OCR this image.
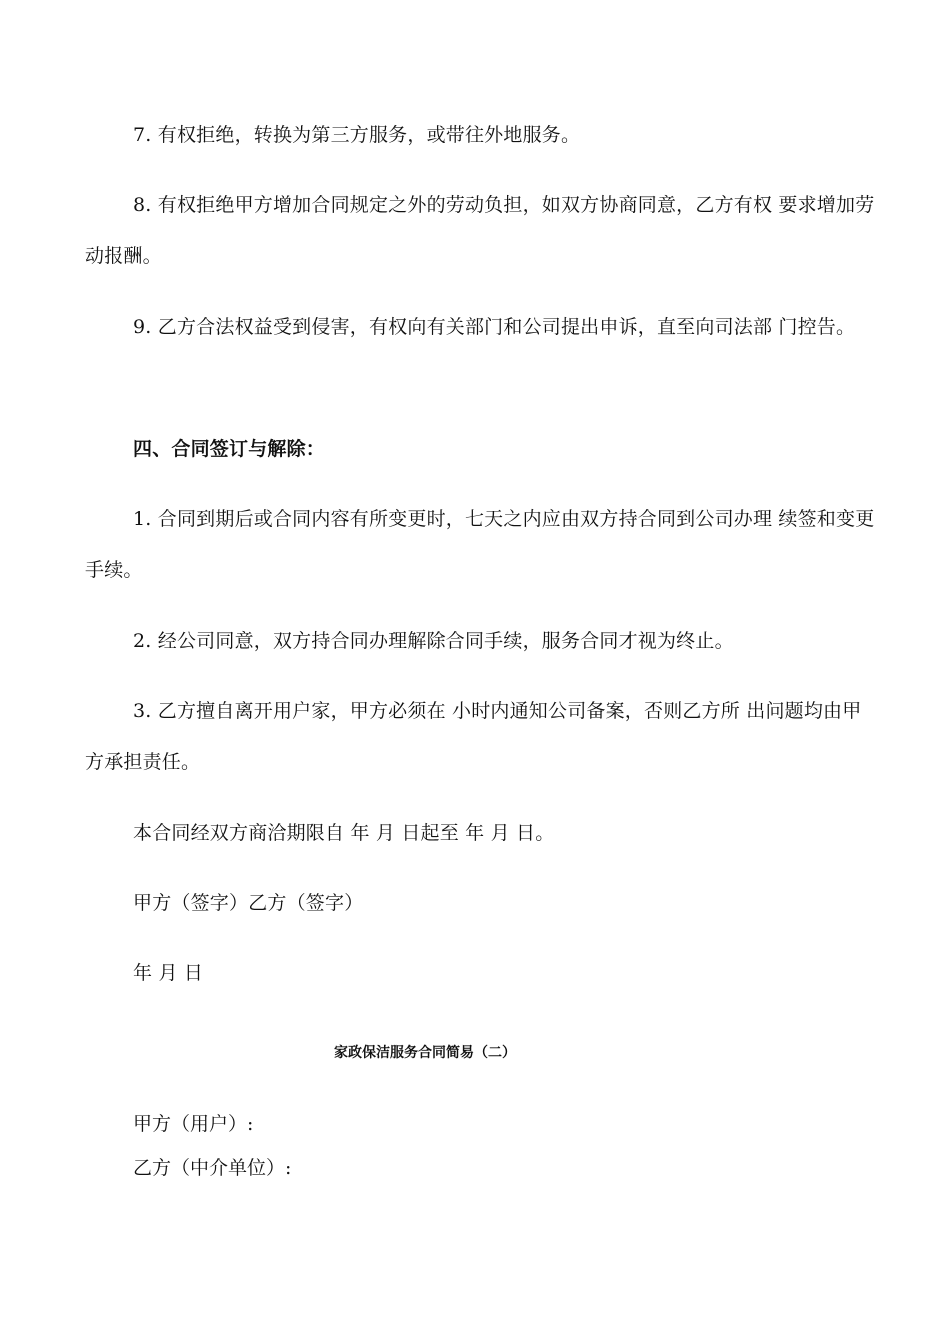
7. 有权拒绝，转换为第三方服务，或带往外地服务。

8. 有权拒绝甲方增加合同规定之外的劳动负担，如双方协商同意，乙方有权 要求增加劳动报酬。

9. 乙方合法权益受到侵害，有权向有关部门和公司提出申诉，直至向司法部 门控告。

四、合同签订与解除：

1. 合同到期后或合同内容有所变更时，七天之内应由双方持合同到公司办理 续签和变更手续。

2. 经公司同意，双方持合同办理解除合同手续，服务合同才视为终止。

3. 乙方擅自离开用户家，甲方必须在 小时内通知公司备案，否则乙方所 出问题均由甲方承担责任。

本合同经双方商洽期限自 年 月 日起至 年 月 日。

甲方（签字）乙方（签字）

年 月 日

家政保洁服务合同简易（二）

甲方（用户）:

乙方（中介单位）:
